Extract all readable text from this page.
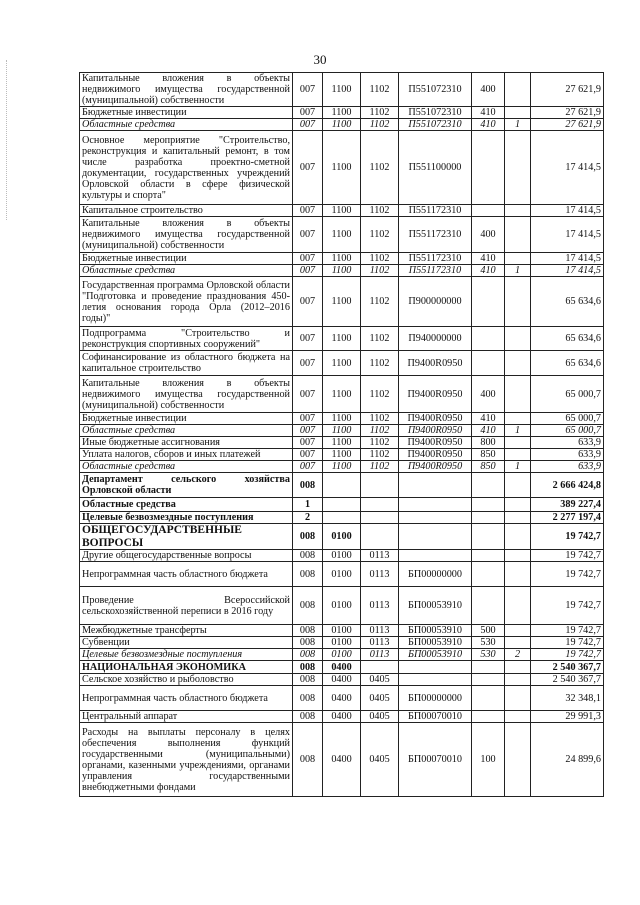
30
Капитальные вложения в объекты недвижимого имущества государственной (муниципальной) собственности	007	1100	1102	П551072310	400		27 621,9
Бюджетные инвестиции	007	1100	1102	П551072310	410		27 621,9
Областные средства	007	1100	1102	П551072310	410	1	27 621,9
Основное мероприятие "Строительство, реконструкция и капитальный ремонт, в том числе разработка проектно-сметной документации, государственных учреждений Орловской области в сфере физической культуры и спорта"	007	1100	1102	П551100000			17 414,5
Капитальное строительство	007	1100	1102	П551172310			17 414,5
Капитальные вложения в объекты недвижимого имущества государственной (муниципальной) собственности	007	1100	1102	П551172310	400		17 414,5
Бюджетные инвестиции	007	1100	1102	П551172310	410		17 414,5
Областные средства	007	1100	1102	П551172310	410	1	17 414,5
Государственная программа Орловской области "Подготовка и проведение празднования 450-летия основания города Орла (2012–2016 годы)"	007	1100	1102	П900000000			65 634,6
Подпрограмма "Строительство и реконструкция спортивных сооружений"	007	1100	1102	П940000000			65 634,6
Софинансирование из областного бюджета на капитальное строительство	007	1100	1102	П9400R0950			65 634,6
Капитальные вложения в объекты недвижимого имущества государственной (муниципальной) собственности	007	1100	1102	П9400R0950	400		65 000,7
Бюджетные инвестиции	007	1100	1102	П9400R0950	410		65 000,7
Областные средства	007	1100	1102	П9400R0950	410	1	65 000,7
Иные бюджетные ассигнования	007	1100	1102	П9400R0950	800		633,9
Уплата налогов, сборов и иных платежей	007	1100	1102	П9400R0950	850		633,9
Областные средства	007	1100	1102	П9400R0950	850	1	633,9
Департамент сельского хозяйства Орловской области	008						2 666 424,8
Областные средства	1						389 227,4
Целевые безвозмездные поступления	2						2 277 197,4
ОБЩЕГОСУДАРСТВЕННЫЕ ВОПРОСЫ	008	0100					19 742,7
Другие общегосударственные вопросы	008	0100	0113				19 742,7
Непрограммная часть областного бюджета	008	0100	0113	БП00000000			19 742,7
Проведение Всероссийской сельскохозяйственной переписи в 2016 году	008	0100	0113	БП00053910			19 742,7
Межбюджетные трансферты	008	0100	0113	БП00053910	500		19 742,7
Субвенции	008	0100	0113	БП00053910	530		19 742,7
Целевые безвозмездные поступления	008	0100	0113	БП00053910	530	2	19 742,7
НАЦИОНАЛЬНАЯ ЭКОНОМИКА	008	0400					2 540 367,7
Сельское хозяйство и рыболовство	008	0400	0405				2 540 367,7
Непрограммная часть областного бюджета	008	0400	0405	БП00000000			32 348,1
Центральный аппарат	008	0400	0405	БП00070010			29 991,3
Расходы на выплаты персоналу в целях обеспечения выполнения функций государственными (муниципальными) органами, казенными учреждениями, органами управления государственными внебюджетными фондами	008	0400	0405	БП00070010	100		24 899,6
